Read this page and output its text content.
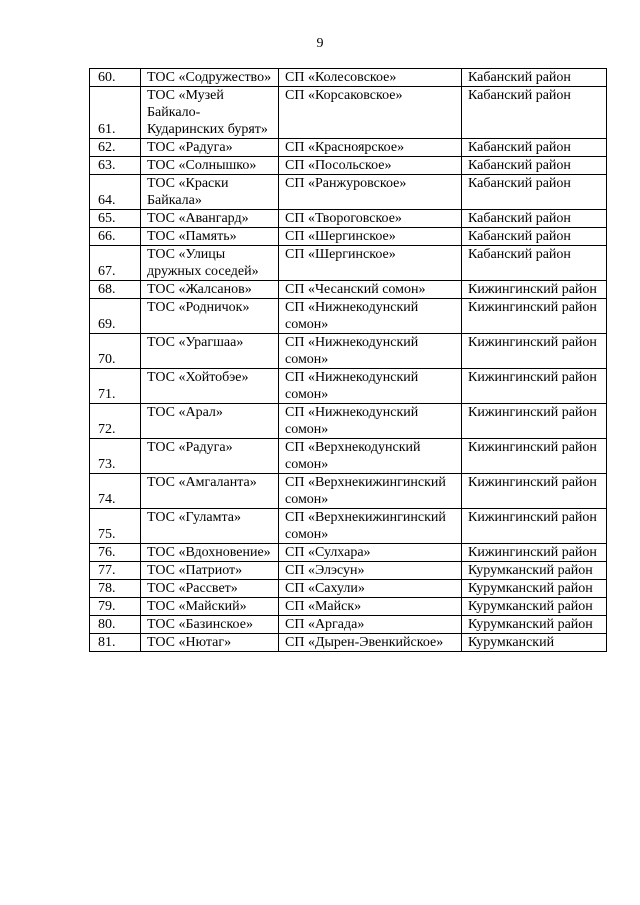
9
60.	ТОС «Содружество»	СП «Колесовское»	Кабанский район
61.	ТОС «Музей Байкало-Кударинских бурят»	СП «Корсаковское»	Кабанский район
62.	ТОС «Радуга»	СП «Красноярское»	Кабанский район
63.	ТОС «Солнышко»	СП «Посольское»	Кабанский район
64.	ТОС «Краски Байкала»	СП «Ранжуровское»	Кабанский район
65.	ТОС «Авангард»	СП «Твороговское»	Кабанский район
66.	ТОС «Память»	СП «Шергинское»	Кабанский район
67.	ТОС «Улицы дружных соседей»	СП «Шергинское»	Кабанский район
68.	ТОС «Жалсанов»	СП «Чесанский сомон»	Кижингинский район
69.	ТОС «Родничок»	СП «Нижнекодунский сомон»	Кижингинский район
70.	ТОС «Урагшаа»	СП «Нижнекодунский сомон»	Кижингинский район
71.	ТОС «Хойтобэе»	СП «Нижнекодунский сомон»	Кижингинский район
72.	ТОС «Арал»	СП «Нижнекодунский сомон»	Кижингинский район
73.	ТОС «Радуга»	СП «Верхнекодунский сомон»	Кижингинский район
74.	ТОС «Амгаланта»	СП «Верхнекижингинский сомон»	Кижингинский район
75.	ТОС «Гуламта»	СП «Верхнекижингинский сомон»	Кижингинский район
76.	ТОС «Вдохновение»	СП «Сулхара»	Кижингинский район
77.	ТОС «Патриот»	СП «Элэсун»	Курумканский район
78.	ТОС «Рассвет»	СП «Сахули»	Курумканский район
79.	ТОС «Майский»	СП «Майск»	Курумканский район
80.	ТОС «Базинское»	СП «Аргада»	Курумканский район
81.	ТОС «Нютаг»	СП «Дырен-Эвенкийское»	Курумканский
